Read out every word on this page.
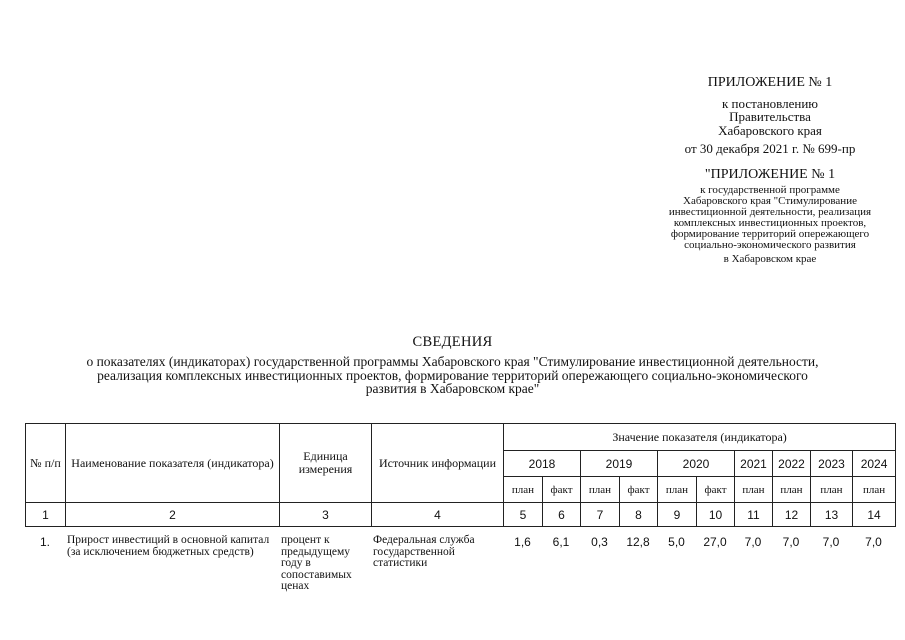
ПРИЛОЖЕНИЕ № 1
к постановлению
Правительства
Хабаровского края
от 30 декабря 2021 г. № 699-пр
"ПРИЛОЖЕНИЕ № 1
к государственной программе
Хабаровского края "Стимулирование
инвестиционной деятельности, реализация
комплексных инвестиционных проектов,
формирование территорий опережающего
социально-экономического развития
в Хабаровском крае
СВЕДЕНИЯ
о показателях (индикаторах) государственной программы Хабаровского края "Стимулирование инвестиционной деятельности,
реализация комплексных инвестиционных проектов, формирование территорий опережающего социально-экономического
развития в Хабаровском крае"
№ п/п	Наименование показателя (индикатора)	Единица измерения	Источник информации	Значение показателя (индикатора)									
				2018		2019		2020		2021	2022	2023	2024
				план	факт	план	факт	план	факт	план	план	план	план
1	2	3	4	5	6	7	8	9	10	11	12	13	14
1.	Прирост инвестиций в основной капитал (за исключением бюджетных средств)	процент к предыдущему году в сопоставимых ценах	Федеральная служба государственной статистики	1,6	6,1	0,3	12,8	5,0	27,0	7,0	7,0	7,0	7,0
